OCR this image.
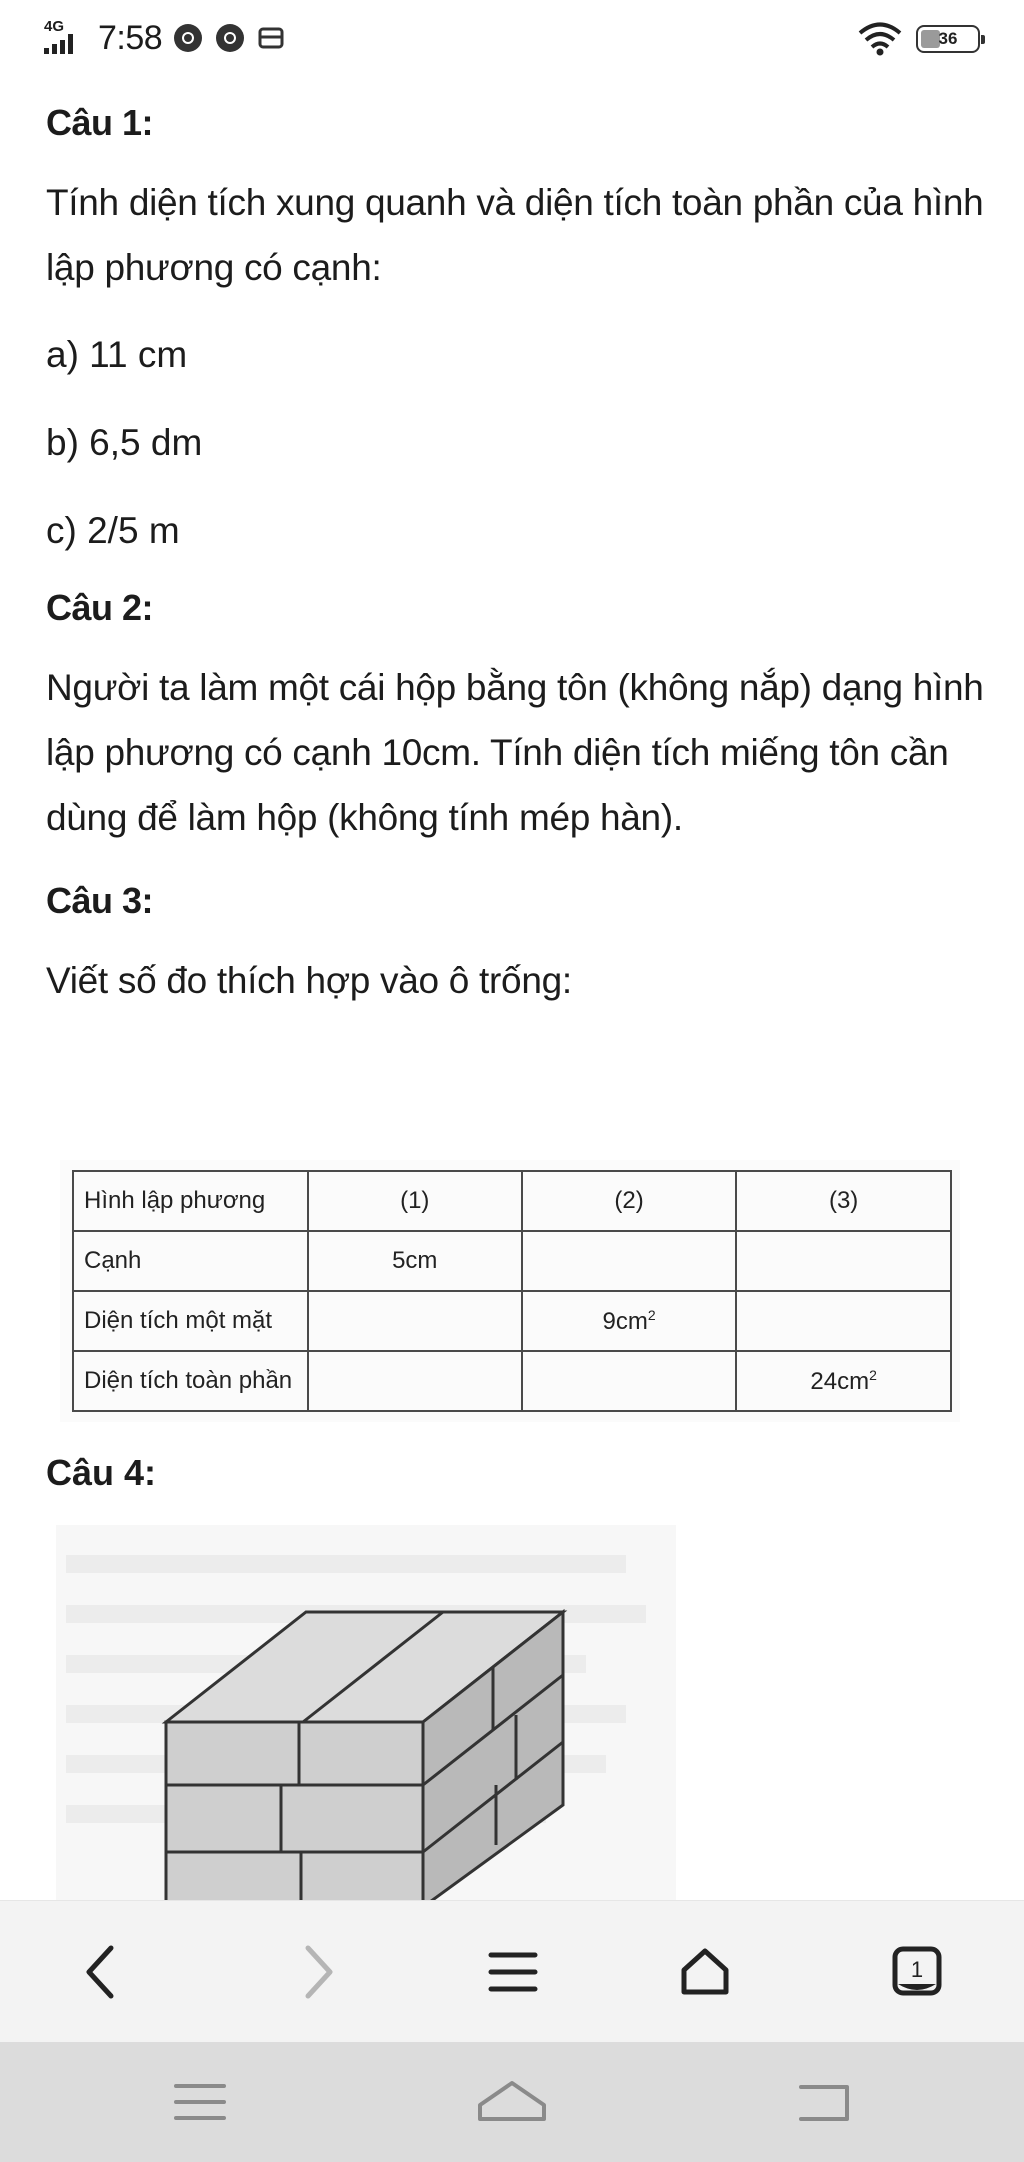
4G 7:58	36
Câu 1:
Tính diện tích xung quanh và diện tích toàn phần của hình lập phương có cạnh:
a) 11 cm
b) 6,5 dm
c) 2/5 m
Câu 2:
Người ta làm một cái hộp bằng tôn (không nắp) dạng hình lập phương có cạnh 10cm. Tính diện tích miếng tôn cần dùng để làm hộp (không tính mép hàn).
Câu 3:
Viết số đo thích hợp vào ô trống:
Hình lập phương	(1)	(2)	(3)
Cạnh	5cm		
Diện tích một mặt		$9cm^2$	
Diện tích toàn phần			$24cm^2$
Câu 4:
1
